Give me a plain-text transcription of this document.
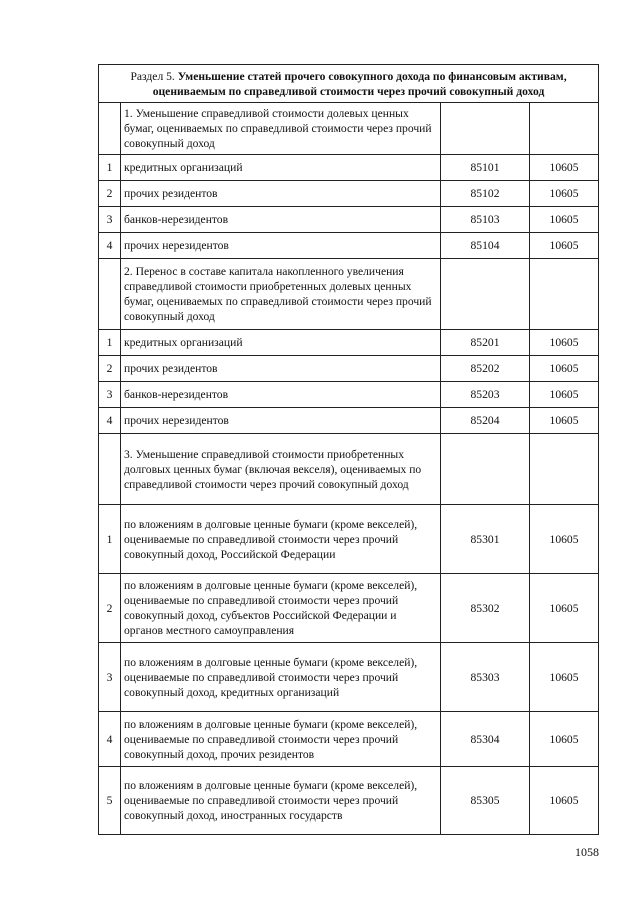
Раздел 5. Уменьшение статей прочего совокупного дохода по финансовым активам, оцениваемым по справедливой стоимости через прочий совокупный доход			
	1. Уменьшение справедливой стоимости долевых ценных бумаг, оцениваемых по справедливой стоимости через прочий совокупный доход		
1	кредитных организаций	85101	10605
2	прочих резидентов	85102	10605
3	банков-нерезидентов	85103	10605
4	прочих нерезидентов	85104	10605
	2. Перенос в составе капитала накопленного увеличения справедливой стоимости приобретенных долевых ценных бумаг, оцениваемых по справедливой стоимости через прочий совокупный доход		
1	кредитных организаций	85201	10605
2	прочих резидентов	85202	10605
3	банков-нерезидентов	85203	10605
4	прочих нерезидентов	85204	10605
	3. Уменьшение справедливой стоимости приобретенных долговых ценных бумаг (включая векселя), оцениваемых по справедливой стоимости через прочий совокупный доход		
1	по вложениям в долговые ценные бумаги (кроме векселей), оцениваемые по справедливой стоимости через прочий совокупный доход, Российской Федерации	85301	10605
2	по вложениям в долговые ценные бумаги (кроме векселей), оцениваемые по справедливой стоимости через прочий совокупный доход, субъектов Российской Федерации и органов местного самоуправления	85302	10605
3	по вложениям в долговые ценные бумаги (кроме векселей), оцениваемые по справедливой стоимости через прочий совокупный доход, кредитных организаций	85303	10605
4	по вложениям в долговые ценные бумаги (кроме векселей), оцениваемые по справедливой стоимости через прочий совокупный доход, прочих резидентов	85304	10605
5	по вложениям в долговые ценные бумаги (кроме векселей), оцениваемые по справедливой стоимости через прочий совокупный доход, иностранных государств	85305	10605
1058
